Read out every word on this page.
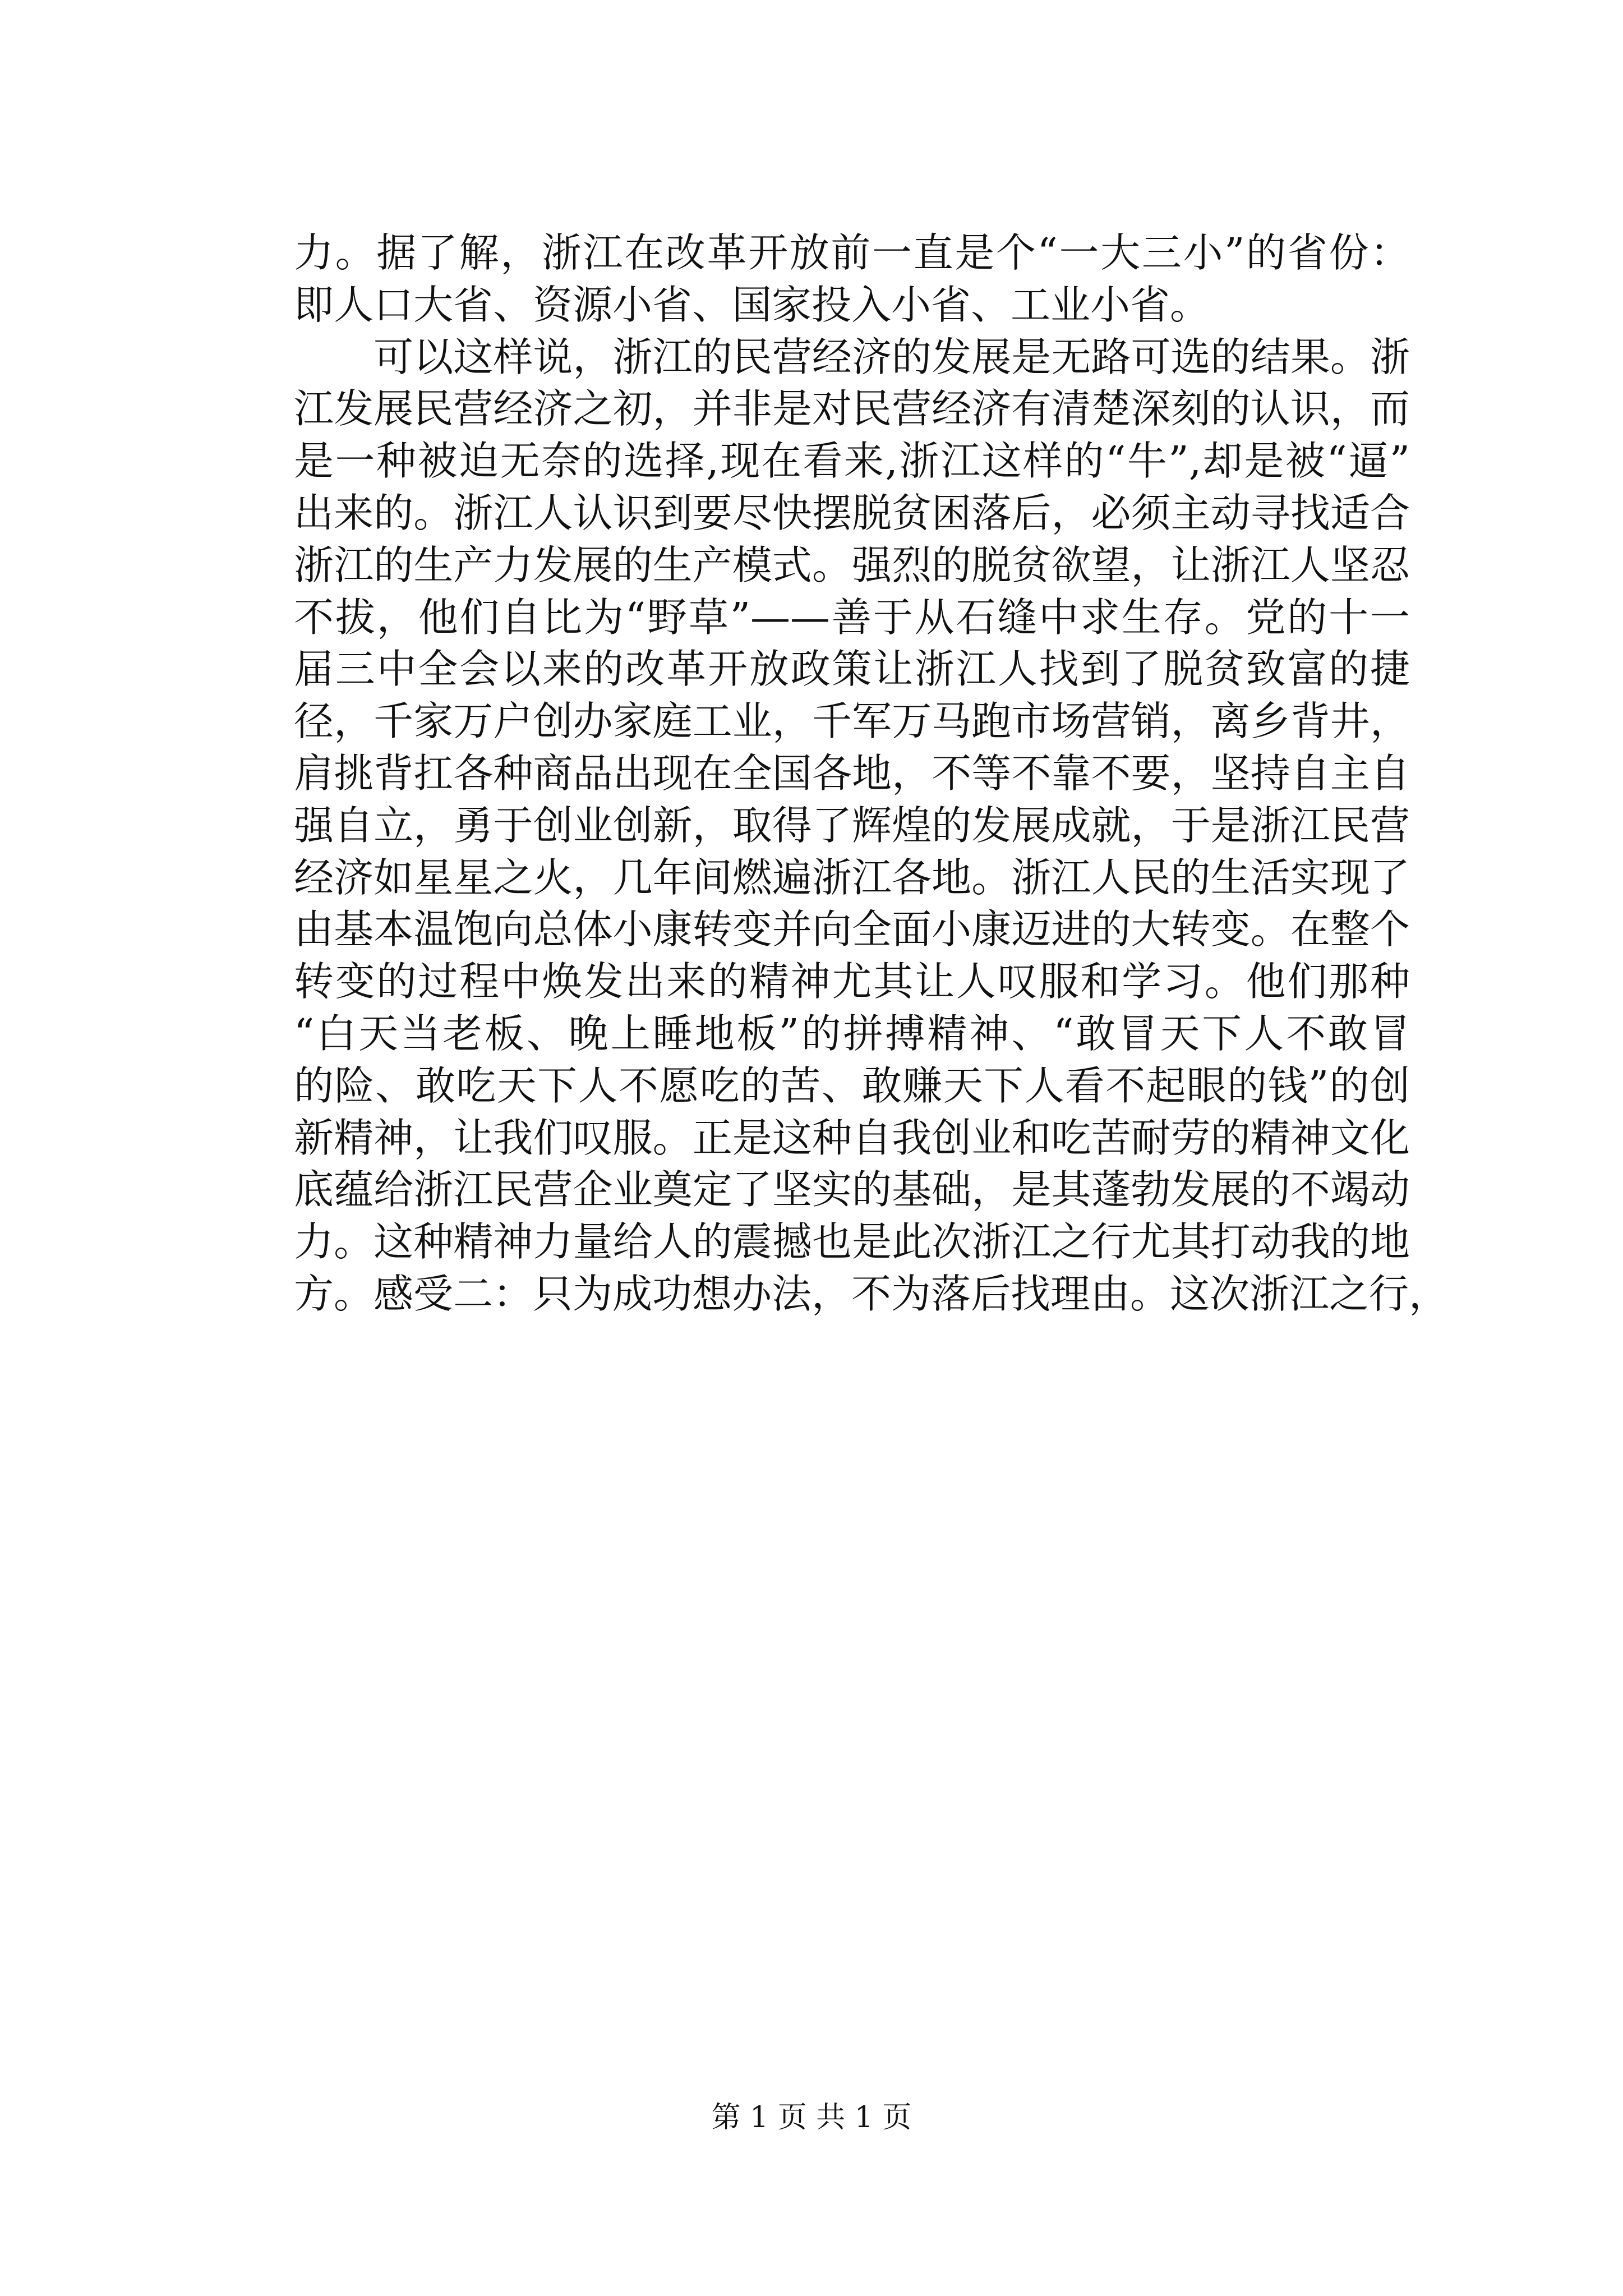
力。据了解，浙江在改革开放前一直是个“一大三小”的省份：
即人口大省、资源小省、国家投入小省、工业小省。
可以这样说，浙江的民营经济的发展是无路可选的结果。浙
江发展民营经济之初，并非是对民营经济有清楚深刻的认识，而
是一种被迫无奈的选择,现在看来,浙江这样的“牛”,却是被“逼”
出来的。浙江人认识到要尽快摆脱贫困落后，必须主动寻找适合
浙江的生产力发展的生产模式。强烈的脱贫欲望，让浙江人坚忍
不拔，他们自比为“野草”——善于从石缝中求生存。党的十一
届三中全会以来的改革开放政策让浙江人找到了脱贫致富的捷
径，千家万户创办家庭工业，千军万马跑市场营销，离乡背井，
肩挑背扛各种商品出现在全国各地，不等不靠不要，坚持自主自
强自立，勇于创业创新，取得了辉煌的发展成就，于是浙江民营
经济如星星之火，几年间燃遍浙江各地。浙江人民的生活实现了
由基本温饱向总体小康转变并向全面小康迈进的大转变。在整个
转变的过程中焕发出来的精神尤其让人叹服和学习。他们那种
“白天当老板、晚上睡地板”的拼搏精神、“敢冒天下人不敢冒
的险、敢吃天下人不愿吃的苦、敢赚天下人看不起眼的钱”的创
新精神，让我们叹服。正是这种自我创业和吃苦耐劳的精神文化
底蕴给浙江民营企业奠定了坚实的基础，是其蓬勃发展的不竭动
力。这种精神力量给人的震撼也是此次浙江之行尤其打动我的地
方。感受二：只为成功想办法，不为落后找理由。这次浙江之行，
第 1 页 共 1 页
